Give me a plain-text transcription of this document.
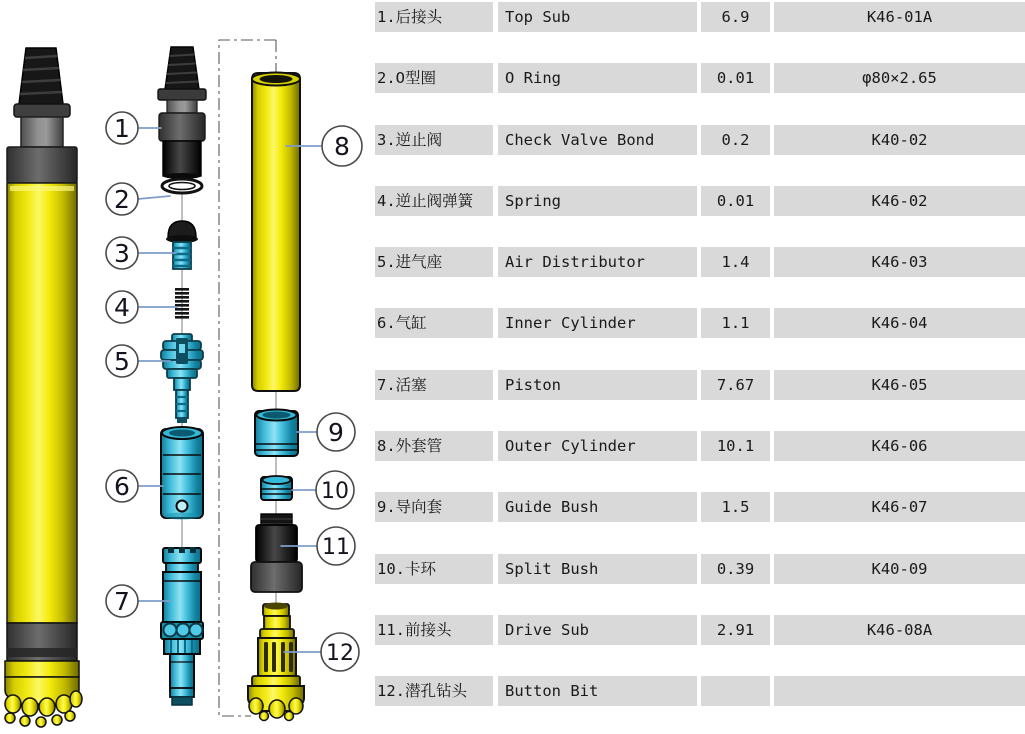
1
2
3
4
5
6
7
8
9
10
11
12
1.后接头	Top Sub	6.9	K46-01A
2.O型圈	O Ring	0.01	φ80×2.65
3.逆止阀	Check Valve Bond	0.2	K40-02
4.逆止阀弹簧	Spring	0.01	K46-02
5.进气座	Air Distributor	1.4	K46-03
6.气缸	Inner Cylinder	1.1	K46-04
7.活塞	Piston	7.67	K46-05
8.外套管	Outer Cylinder	10.1	K46-06
9.导向套	Guide Bush	1.5	K46-07
10.卡环	Split Bush	0.39	K40-09
11.前接头	Drive Sub	2.91	K46-08A
12.潜孔钻头	Button Bit
